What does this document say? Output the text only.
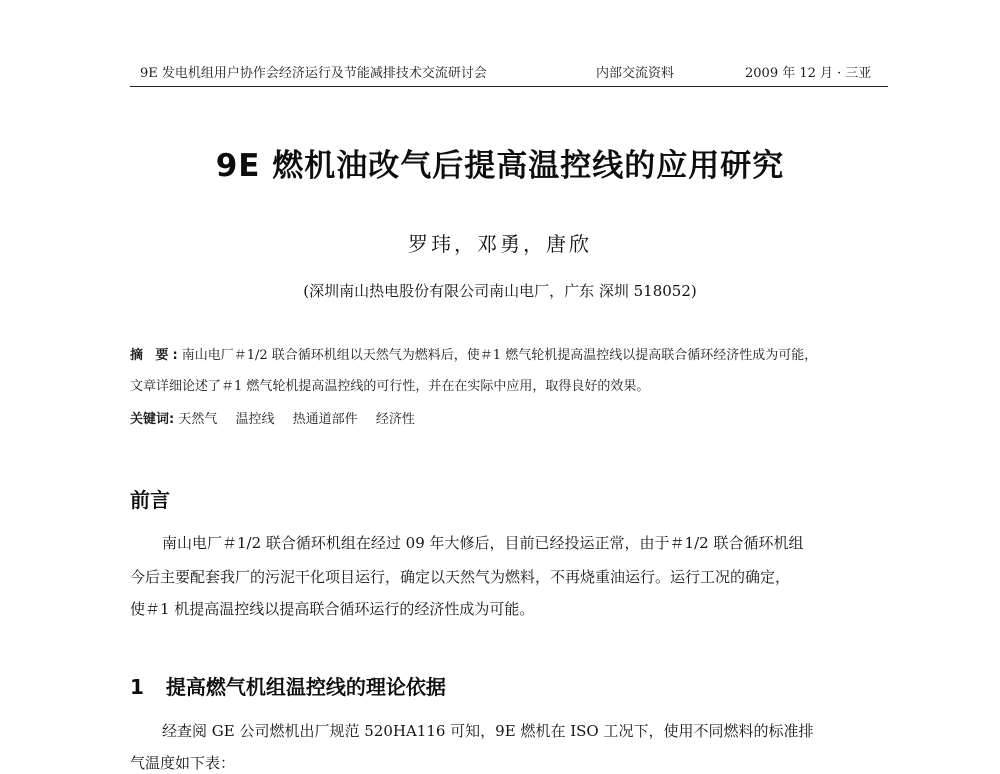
9E 发电机组用户协作会经济运行及节能减排技术交流研讨会	内部交流资料	2009 年 12 月 · 三亚
9E 燃机油改气后提高温控线的应用研究
罗玮，邓勇，唐欣
(深圳南山热电股份有限公司南山电厂，广东 深圳 518052)
摘 要:南山电厂＃1/2 联合循环机组以天然气为燃料后，使＃1 燃气轮机提高温控线以提高联合循环经济性成为可能，
文章详细论述了＃1 燃气轮机提高温控线的可行性，并在在实际中应用，取得良好的效果。
关键词: 天然气 温控线 热通道部件 经济性
前言
南山电厂＃1/2 联合循环机组在经过 09 年大修后，目前已经投运正常，由于＃1/2 联合循环机组
今后主要配套我厂的污泥干化项目运行，确定以天然气为燃料，不再烧重油运行。运行工况的确定，
使＃1 机提高温控线以提高联合循环运行的经济性成为可能。
1 提高燃气机组温控线的理论依据
经查阅 GE 公司燃机出厂规范 520HA116 可知，9E 燃机在 ISO 工况下，使用不同燃料的标准排
气温度如下表：
